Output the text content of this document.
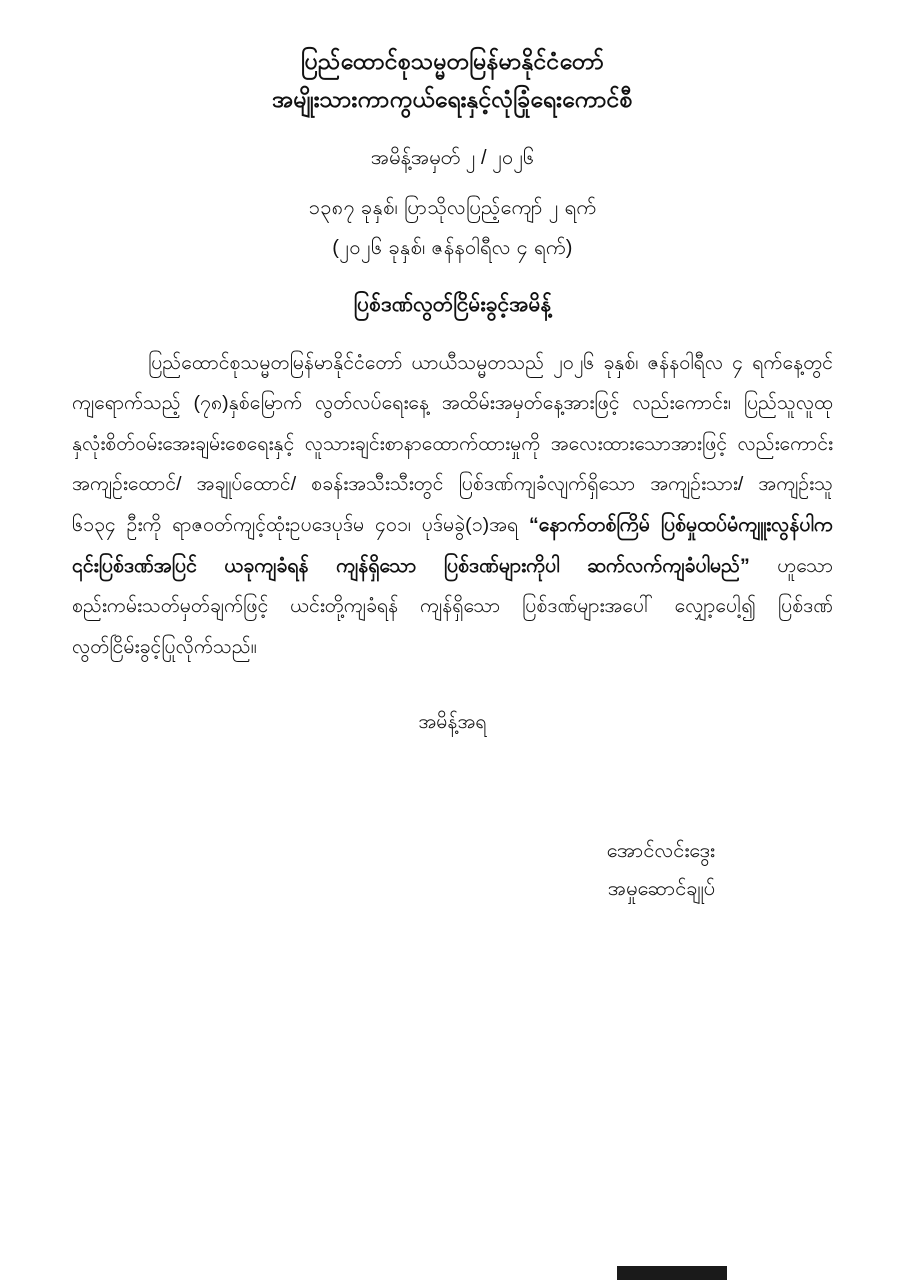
ပြည်ထောင်စုသမ္မတမြန်မာနိုင်ငံတော်
အမျိုးသားကာကွယ်ရေးနှင့်လုံခြုံရေးကောင်စီ
အမိန့်အမှတ် ၂ / ၂၀၂၆
၁၃၈၇ ခုနှစ်၊ ပြာသိုလပြည့်ကျော် ၂ ရက်
(၂၀၂၆ ခုနှစ်၊ ဇန်နဝါရီလ ၄ ရက်)
ပြစ်ဒဏ်လွတ်ငြိမ်းခွင့်အမိန့်
ပြည်ထောင်စုသမ္မတမြန်မာနိုင်ငံတော် ယာယီသမ္မတသည် ၂၀၂၆ ခုနှစ်၊ ဇန်နဝါရီလ ၄ ရက်နေ့တွင် ကျရောက်သည့် (၇၈)နှစ်မြောက် လွတ်လပ်ရေးနေ့ အထိမ်းအမှတ်နေ့အားဖြင့် လည်းကောင်း၊ ပြည်သူလူထု နှလုံးစိတ်ဝမ်းအေးချမ်းစေရေးနှင့် လူသားချင်းစာနာထောက်ထားမှုကို အလေးထားသောအားဖြင့် လည်းကောင်း အကျဉ်းထောင်/ အချုပ်ထောင်/ စခန်းအသီးသီးတွင် ပြစ်ဒဏ်ကျခံလျက်ရှိသော အကျဉ်းသား/ အကျဉ်းသူ ၆၁၃၄ ဦးကို ရာဇဝတ်ကျင့်ထုံးဥပဒေပုဒ်မ ၄၀၁၊ ပုဒ်မခွဲ(၁)အရ “နောက်တစ်ကြိမ် ပြစ်မှုထပ်မံကျူးလွန်ပါက ၎င်းပြစ်ဒဏ်အပြင် ယခုကျခံရန် ကျန်ရှိသော ပြစ်ဒဏ်များကိုပါ ဆက်လက်ကျခံပါမည်” ဟူသော စည်းကမ်းသတ်မှတ်ချက်ဖြင့် ယင်းတို့ကျခံရန် ကျန်ရှိသော ပြစ်ဒဏ်များအပေါ် လျှော့ပေါ့၍ ပြစ်ဒဏ်လွတ်ငြိမ်းခွင့်ပြုလိုက်သည်။
အမိန့်အရ
အောင်လင်းဒွေး
အမှုဆောင်ချုပ်
